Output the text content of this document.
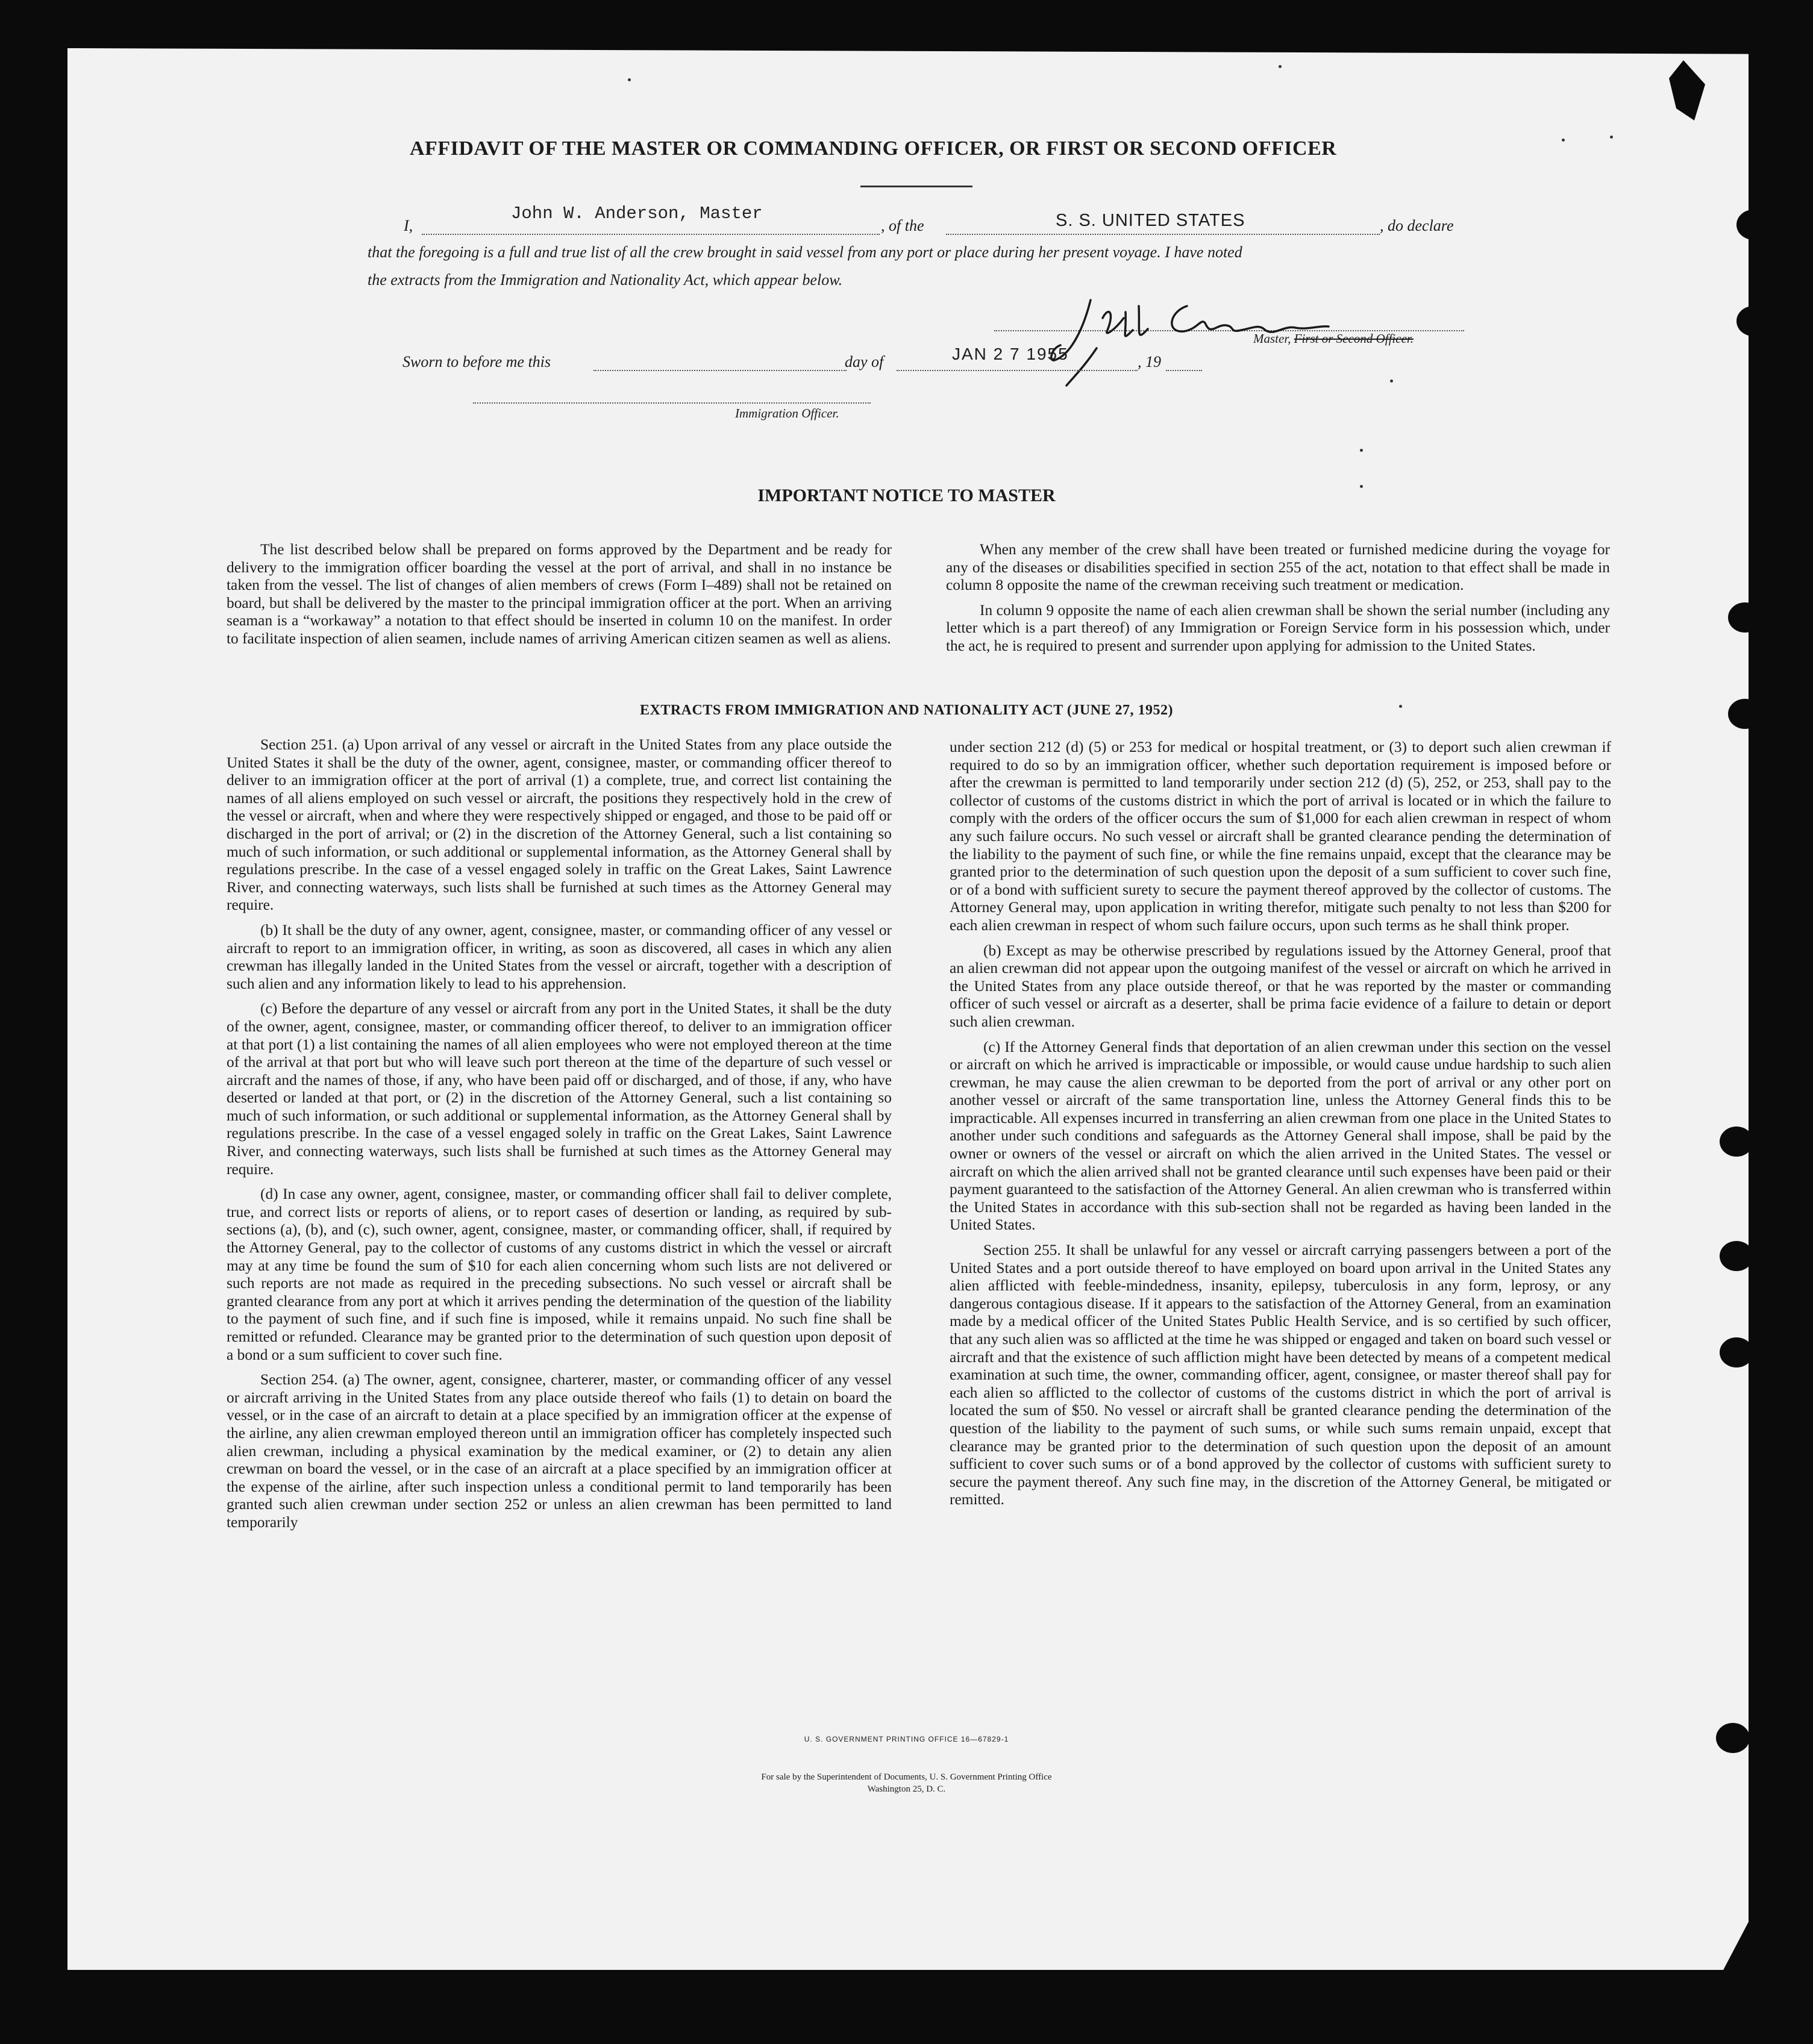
AFFIDAVIT OF THE MASTER OR COMMANDING OFFICER, OR FIRST OR SECOND OFFICER
I,
John W. Anderson, Master
, of the	S. S. UNITED STATES	, do declare
that the foregoing is a full and true list of all the crew brought in said vessel from any port or place during her present voyage. I have noted
the extracts from the Immigration and Nationality Act, which appear below.
Master, First or Second Officer.
Sworn to before me this	day of	JAN 2 7 1955	, 19
Immigration Officer.
IMPORTANT NOTICE TO MASTER

The list described below shall be prepared on forms approved by the Department and be ready for delivery to the immigration officer boarding the vessel at the port of arrival, and shall in no instance be taken from the vessel. The list of changes of alien members of crews (Form I–489) shall not be retained on board, but shall be delivered by the master to the principal immigration officer at the port. When an arriving seaman is a “workaway” a notation to that effect should be inserted in column 10 on the manifest. In order to facilitate inspection of alien seamen, include names of arriving American citizen seamen as well as aliens.

When any member of the crew shall have been treated or furnished medicine during the voyage for any of the diseases or disabilities specified in section 255 of the act, notation to that effect shall be made in column 8 opposite the name of the crewman receiving such treatment or medication.

In column 9 opposite the name of each alien crewman shall be shown the serial number (including any letter which is a part thereof) of any Immigration or Foreign Service form in his possession which, under the act, he is required to present and surrender upon applying for admission to the United States.

EXTRACTS FROM IMMIGRATION AND NATIONALITY ACT (JUNE 27, 1952)

Section 251. (a) Upon arrival of any vessel or aircraft in the United States from any place outside the United States it shall be the duty of the owner, agent, consignee, master, or commanding officer thereof to deliver to an immigration officer at the port of arrival (1) a complete, true, and correct list containing the names of all aliens employed on such vessel or aircraft, the positions they respectively hold in the crew of the vessel or aircraft, when and where they were respectively shipped or engaged, and those to be paid off or discharged in the port of arrival; or (2) in the discretion of the Attorney General, such a list containing so much of such information, or such additional or supplemental information, as the Attorney General shall by regulations prescribe. In the case of a vessel engaged solely in traffic on the Great Lakes, Saint Lawrence River, and connecting waterways, such lists shall be furnished at such times as the Attorney General may require.

(b) It shall be the duty of any owner, agent, consignee, master, or commanding officer of any vessel or aircraft to report to an immigration officer, in writing, as soon as discovered, all cases in which any alien crewman has illegally landed in the United States from the vessel or aircraft, together with a description of such alien and any information likely to lead to his apprehension.

(c) Before the departure of any vessel or aircraft from any port in the United States, it shall be the duty of the owner, agent, consignee, master, or commanding officer thereof, to deliver to an immigration officer at that port (1) a list containing the names of all alien employees who were not employed thereon at the time of the arrival at that port but who will leave such port thereon at the time of the departure of such vessel or aircraft and the names of those, if any, who have been paid off or discharged, and of those, if any, who have deserted or landed at that port, or (2) in the discretion of the Attorney General, such a list containing so much of such information, or such additional or supplemental information, as the Attorney General shall by regulations prescribe. In the case of a vessel engaged solely in traffic on the Great Lakes, Saint Lawrence River, and connecting waterways, such lists shall be furnished at such times as the Attorney General may require.

(d) In case any owner, agent, consignee, master, or commanding officer shall fail to deliver complete, true, and correct lists or reports of aliens, or to report cases of desertion or landing, as required by sub-sections (a), (b), and (c), such owner, agent, consignee, master, or commanding officer, shall, if required by the Attorney General, pay to the collector of customs of any customs district in which the vessel or aircraft may at any time be found the sum of $10 for each alien concerning whom such lists are not delivered or such reports are not made as required in the preceding subsections. No such vessel or aircraft shall be granted clearance from any port at which it arrives pending the determination of the question of the liability to the payment of such fine, and if such fine is imposed, while it remains unpaid. No such fine shall be remitted or refunded. Clearance may be granted prior to the determination of such question upon deposit of a bond or a sum sufficient to cover such fine.

Section 254. (a) The owner, agent, consignee, charterer, master, or commanding officer of any vessel or aircraft arriving in the United States from any place outside thereof who fails (1) to detain on board the vessel, or in the case of an aircraft to detain at a place specified by an immigration officer at the expense of the airline, any alien crewman employed thereon until an immigration officer has completely inspected such alien crewman, including a physical examination by the medical examiner, or (2) to detain any alien crewman on board the vessel, or in the case of an aircraft at a place specified by an immigration officer at the expense of the airline, after such inspection unless a conditional permit to land temporarily has been granted such alien crewman under section 252 or unless an alien crewman has been permitted to land temporarily

under section 212 (d) (5) or 253 for medical or hospital treatment, or (3) to deport such alien crewman if required to do so by an immigration officer, whether such deportation requirement is imposed before or after the crewman is permitted to land temporarily under section 212 (d) (5), 252, or 253, shall pay to the collector of customs of the customs district in which the port of arrival is located or in which the failure to comply with the orders of the officer occurs the sum of $1,000 for each alien crewman in respect of whom any such failure occurs. No such vessel or aircraft shall be granted clearance pending the determination of the liability to the payment of such fine, or while the fine remains unpaid, except that the clearance may be granted prior to the determination of such question upon the deposit of a sum sufficient to cover such fine, or of a bond with sufficient surety to secure the payment thereof approved by the collector of customs. The Attorney General may, upon application in writing therefor, mitigate such penalty to not less than $200 for each alien crewman in respect of whom such failure occurs, upon such terms as he shall think proper.

(b) Except as may be otherwise prescribed by regulations issued by the Attorney General, proof that an alien crewman did not appear upon the outgoing manifest of the vessel or aircraft on which he arrived in the United States from any place outside thereof, or that he was reported by the master or commanding officer of such vessel or aircraft as a deserter, shall be prima facie evidence of a failure to detain or deport such alien crewman.

(c) If the Attorney General finds that deportation of an alien crewman under this section on the vessel or aircraft on which he arrived is impracticable or impossible, or would cause undue hardship to such alien crewman, he may cause the alien crewman to be deported from the port of arrival or any other port on another vessel or aircraft of the same transportation line, unless the Attorney General finds this to be impracticable. All expenses incurred in transferring an alien crewman from one place in the United States to another under such conditions and safeguards as the Attorney General shall impose, shall be paid by the owner or owners of the vessel or aircraft on which the alien arrived in the United States. The vessel or aircraft on which the alien arrived shall not be granted clearance until such expenses have been paid or their payment guaranteed to the satisfaction of the Attorney General. An alien crewman who is transferred within the United States in accordance with this sub-section shall not be regarded as having been landed in the United States.

Section 255. It shall be unlawful for any vessel or aircraft carrying passengers between a port of the United States and a port outside thereof to have employed on board upon arrival in the United States any alien afflicted with feeble-mindedness, insanity, epilepsy, tuberculosis in any form, leprosy, or any dangerous contagious disease. If it appears to the satisfaction of the Attorney General, from an examination made by a medical officer of the United States Public Health Service, and is so certified by such officer, that any such alien was so afflicted at the time he was shipped or engaged and taken on board such vessel or aircraft and that the existence of such affliction might have been detected by means of a competent medical examination at such time, the owner, commanding officer, agent, consignee, or master thereof shall pay for each alien so afflicted to the collector of customs of the customs district in which the port of arrival is located the sum of $50. No vessel or aircraft shall be granted clearance pending the determination of the question of the liability to the payment of such sums, or while such sums remain unpaid, except that clearance may be granted prior to the determination of such question upon the deposit of an amount sufficient to cover such sums or of a bond approved by the collector of customs with sufficient surety to secure the payment thereof. Any such fine may, in the discretion of the Attorney General, be mitigated or remitted.

U. S. GOVERNMENT PRINTING OFFICE 16—67829-1
For sale by the Superintendent of Documents, U. S. Government Printing Office
Washington 25, D. C.
